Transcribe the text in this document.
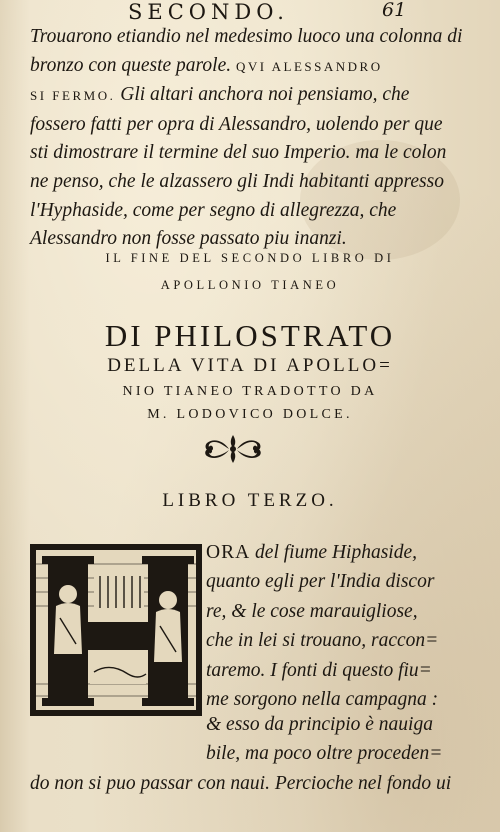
SECONDO.	61
Trouarono etiandio nel medesimo luoco una colonna di
bronzo con queste parole. QVI ALESSANDRO
SI FERMO. Gli altari anchora noi pensiamo, che
fossero fatti per opra di Alessandro, uolendo per que
sti dimostrare il termine del suo Imperio. ma le colon
ne penso, che le alzassero gli Indi habitanti appresso
l'Hyphaside, come per segno di allegrezza, che
Alessandro non fosse passato piu inanzi.
IL FINE DEL SECONDO LIBRO DI
APOLLONIO TIANEO
DI PHILOSTRATO
DELLA VITA DI APOLLO=
NIO TIANEO TRADOTTO DA
M. LODOVICO DOLCE.
LIBRO TERZO.
ORA del fiume Hiphaside,
quanto egli per l'India discor
re, & le cose marauigliose,
che in lei si trouano, raccon=
taremo. I fonti di questo fiu=
me sorgono nella campagna :
& esso da principio è nauiga
bile, ma poco oltre proceden=
do non si puo passar con naui. Percioche nel fondo ui
